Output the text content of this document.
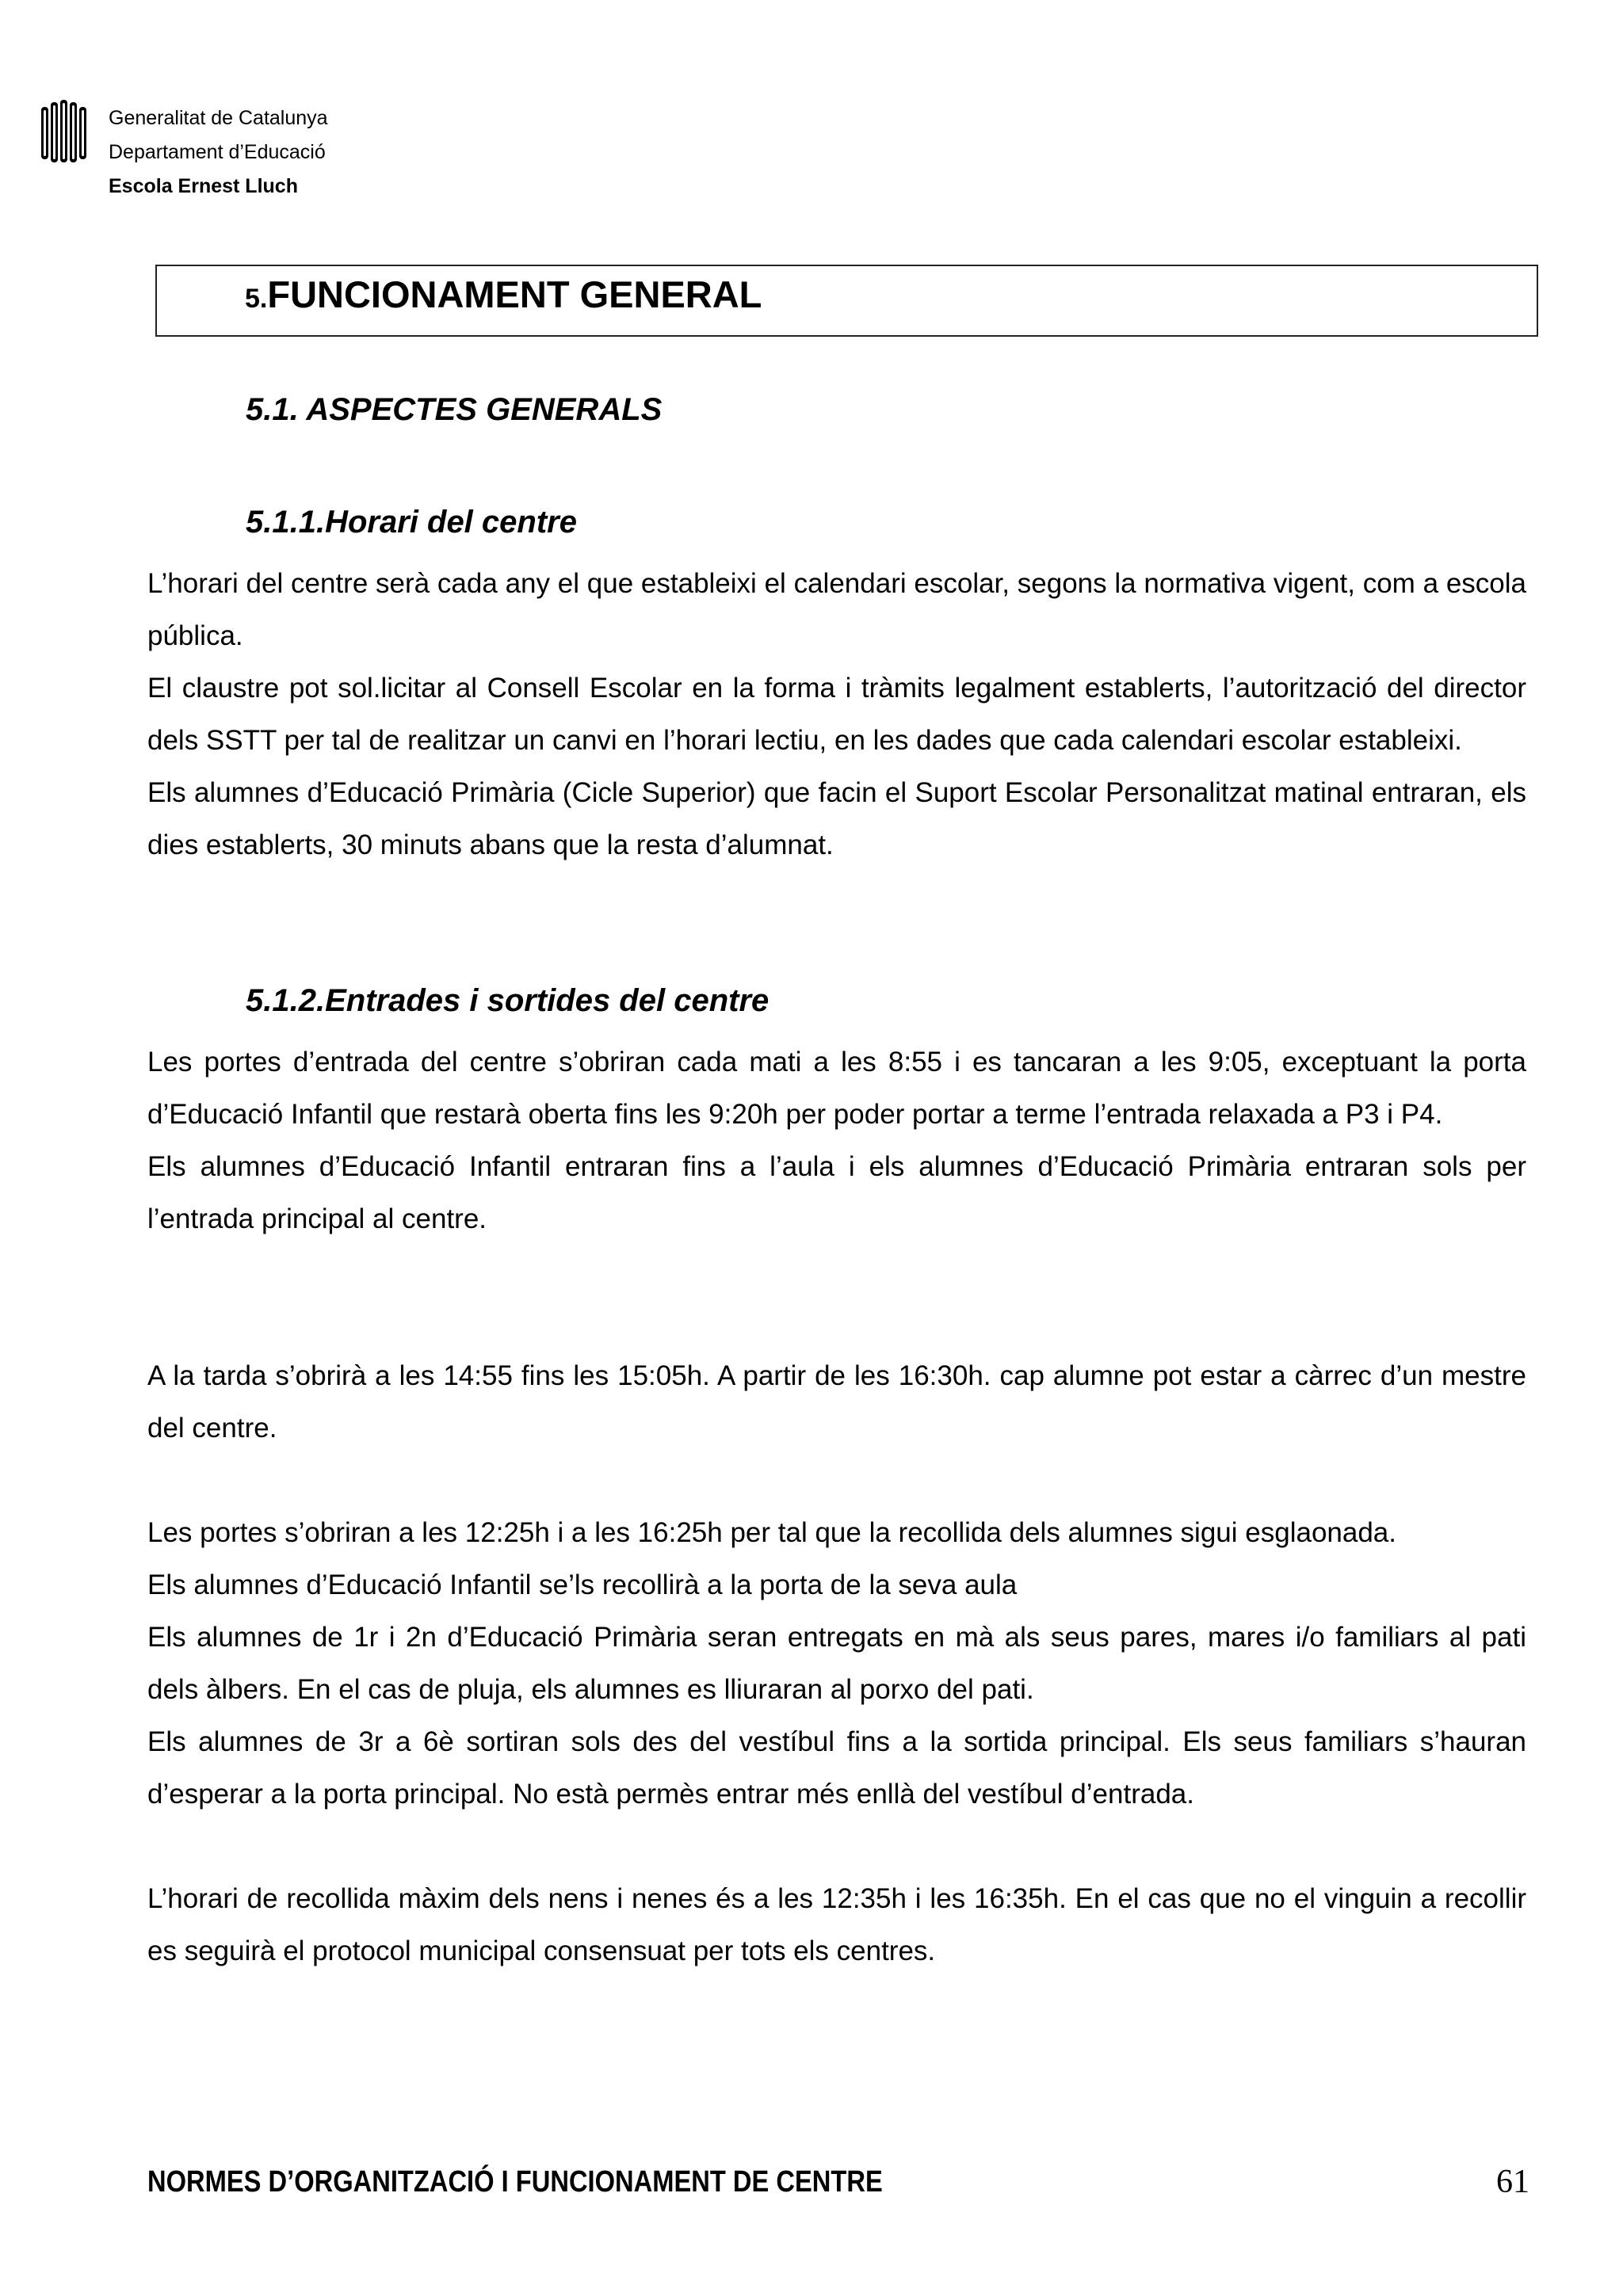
Generalitat de Catalunya
Departament d’Educació
Escola Ernest Lluch
5.FUNCIONAMENT GENERAL
5.1. ASPECTES GENERALS
5.1.1.Horari del centre

L’horari del centre serà cada any el que estableixi el calendari escolar, segons la normativa vigent, com a escola pública.

El claustre pot sol.licitar al Consell Escolar en la forma i tràmits legalment establerts, l’autorització del director dels SSTT per tal de realitzar un canvi en l’horari lectiu, en les dades que cada calendari escolar estableixi.

Els alumnes d’Educació Primària (Cicle Superior) que facin el Suport Escolar Personalitzat matinal entraran, els dies establerts, 30 minuts abans que la resta d’alumnat.

5.1.2.Entrades i sortides del centre

Les portes d’entrada del centre s’obriran cada mati a les 8:55 i es tancaran a les 9:05, exceptuant la porta d’Educació Infantil que restarà oberta fins les 9:20h per poder portar a terme l’entrada relaxada a P3 i P4.

Els alumnes d’Educació Infantil entraran fins a l’aula i els alumnes d’Educació Primària entraran sols per l’entrada principal al centre.

A la tarda s’obrirà a les 14:55 fins les 15:05h. A partir de les 16:30h. cap alumne pot estar a càrrec d’un mestre del centre.

Les portes s’obriran a les 12:25h i a les 16:25h per tal que la recollida dels alumnes sigui esglaonada.

Els alumnes d’Educació Infantil se’ls recollirà a la porta de la seva aula

Els alumnes de 1r i 2n d’Educació Primària seran entregats en mà als seus pares, mares i/o familiars al pati dels àlbers. En el cas de pluja, els alumnes es lliuraran al porxo del pati.

Els alumnes de 3r a 6è sortiran sols des del vestíbul fins a la sortida principal. Els seus familiars s’hauran d’esperar a la porta principal. No està permès entrar més enllà del vestíbul d’entrada.

L’horari de recollida màxim dels nens i nenes és a les 12:35h i les 16:35h. En el cas que no el vinguin a recollir es seguirà el protocol municipal consensuat per tots els centres.

NORMES D’ORGANITZACIÓ I FUNCIONAMENT DE CENTRE	61
